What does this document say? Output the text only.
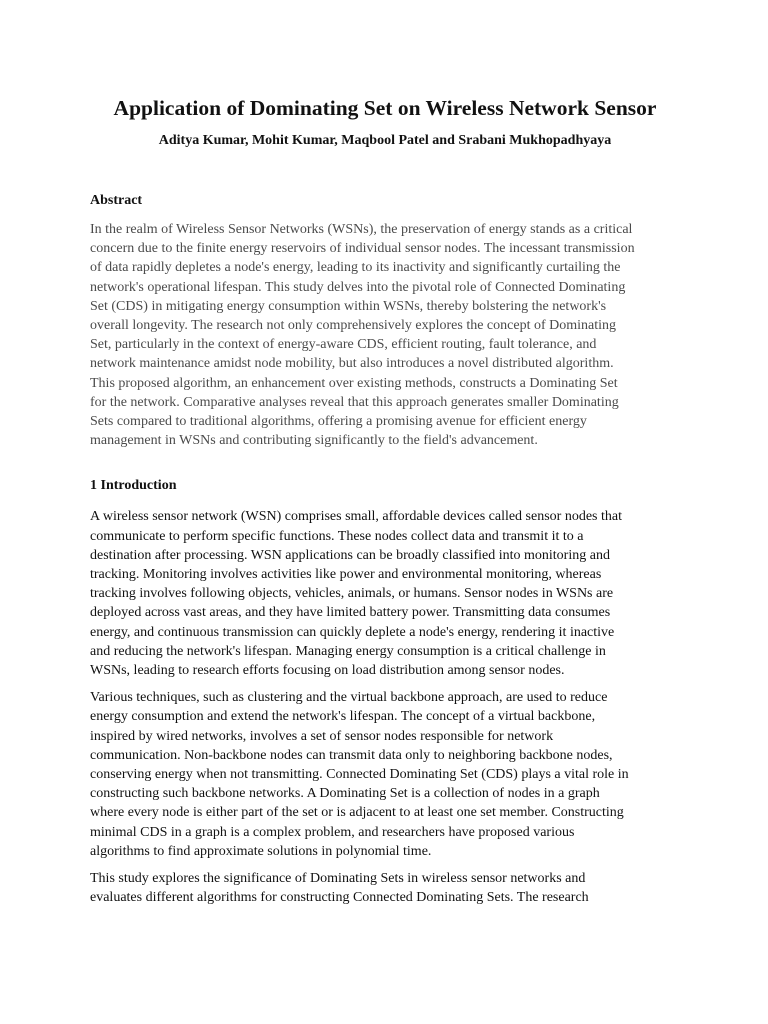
Application of Dominating Set on Wireless Network Sensor
Aditya Kumar, Mohit Kumar, Maqbool Patel and Srabani Mukhopadhyaya
Abstract

In the realm of Wireless Sensor Networks (WSNs), the preservation of energy stands as a critical
concern due to the finite energy reservoirs of individual sensor nodes. The incessant transmission
of data rapidly depletes a node's energy, leading to its inactivity and significantly curtailing the
network's operational lifespan. This study delves into the pivotal role of Connected Dominating
Set (CDS) in mitigating energy consumption within WSNs, thereby bolstering the network's
overall longevity. The research not only comprehensively explores the concept of Dominating
Set, particularly in the context of energy-aware CDS, efficient routing, fault tolerance, and
network maintenance amidst node mobility, but also introduces a novel distributed algorithm.
This proposed algorithm, an enhancement over existing methods, constructs a Dominating Set
for the network. Comparative analyses reveal that this approach generates smaller Dominating
Sets compared to traditional algorithms, offering a promising avenue for efficient energy
management in WSNs and contributing significantly to the field's advancement.

1 Introduction

A wireless sensor network (WSN) comprises small, affordable devices called sensor nodes that
communicate to perform specific functions. These nodes collect data and transmit it to a
destination after processing. WSN applications can be broadly classified into monitoring and
tracking. Monitoring involves activities like power and environmental monitoring, whereas
tracking involves following objects, vehicles, animals, or humans. Sensor nodes in WSNs are
deployed across vast areas, and they have limited battery power. Transmitting data consumes
energy, and continuous transmission can quickly deplete a node's energy, rendering it inactive
and reducing the network's lifespan. Managing energy consumption is a critical challenge in
WSNs, leading to research efforts focusing on load distribution among sensor nodes.

Various techniques, such as clustering and the virtual backbone approach, are used to reduce
energy consumption and extend the network's lifespan. The concept of a virtual backbone,
inspired by wired networks, involves a set of sensor nodes responsible for network
communication. Non-backbone nodes can transmit data only to neighboring backbone nodes,
conserving energy when not transmitting. Connected Dominating Set (CDS) plays a vital role in
constructing such backbone networks. A Dominating Set is a collection of nodes in a graph
where every node is either part of the set or is adjacent to at least one set member. Constructing
minimal CDS in a graph is a complex problem, and researchers have proposed various
algorithms to find approximate solutions in polynomial time.

This study explores the significance of Dominating Sets in wireless sensor networks and
evaluates different algorithms for constructing Connected Dominating Sets. The research
